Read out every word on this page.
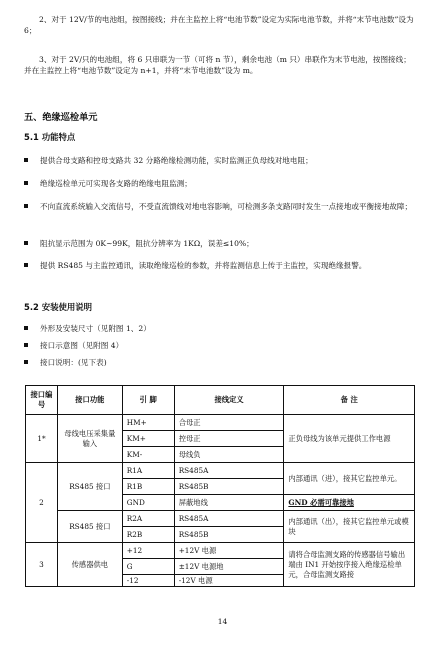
2、对于 12V/节的电池组，按图接线；并在主监控上将“电池节数”设定为实际电池节数，并将“末节电池数”设为 6；
3、对于 2V/只的电池组，将 6 只串联为一节（可将 n 节），剩余电池（m 只）串联作为末节电池，按图接线；并在主监控上将“电池节数”设定为 n+1，并将“末节电池数”设为 m。
五、绝缘巡检单元
5.1 功能特点
提供合母支路和控母支路共 32 分路绝缘检测功能，实时监测正负母线对地电阻；
绝缘巡检单元可实现各支路的绝缘电阻监测；
不向直流系统输入交流信号，不受直流馈线对地电容影响，可检测多条支路同时发生一点接地或平衡接地故障；
阻抗显示范围为 0K~99K，阻抗分辨率为 1KΩ，误差≤10%；
提供 RS485 与主监控通讯，读取绝缘巡检的参数，并将监测信息上传于主监控，实现绝缘报警。
5.2 安装使用说明
外形及安装尺寸（见附图 1、2）
接口示意图（见附图 4）
接口说明：(见下表)
接口编号	接口功能	引 脚	接线定义	备 注
1*	母线电压采集量输入	HM+	合母正	正负母线为该单元提供工作电源
		KM+	控母正	
		KM-	母线负	
2	RS485 接口	R1A	RS485A	内部通讯（进），接其它监控单元。
		R1B	RS485B	
		GND	屏蔽地线	GND 必需可靠接地
	RS485 接口	R2A	RS485A	内部通讯（出），接其它监控单元或模块
		R2B	RS485B	
3	传感器供电	+12	+12V 电源	请将合母监测支路的传感器信号输出端由 IN1 开始按序接入绝缘巡检单元，合母监测支路接
		G	±12V 电源地	
		-12	-12V 电源	
14
